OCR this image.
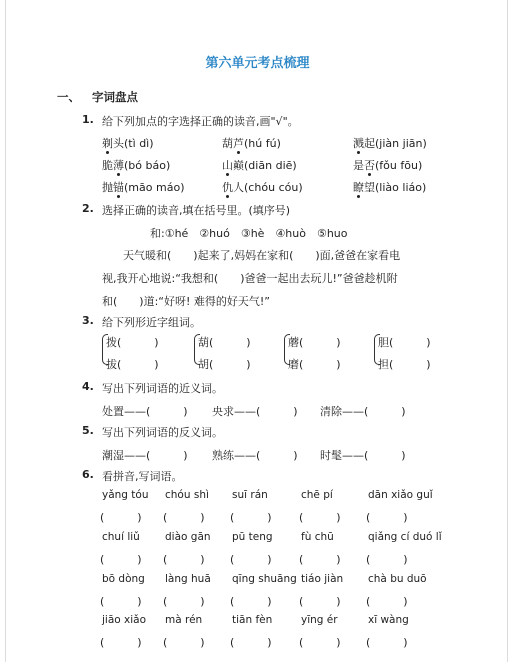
第六单元考点梳理
一、 字词盘点
1. 给下列加点的字选择正确的读音,画"√"。
剃头(tì dì)	葫芦(hú fú)	溅起(jiàn jiān)
脆薄(bó báo)	山巅(diān diē)	是否(fǒu fōu)
抛锚(māo máo)	仇人(chóu cóu)	瞭望(liào liáo)
2. 选择正确的读音,填在括号里。(填序号)
和:①hé　②huó　③hè　④huò　⑤huo
天气暖和(　　)起来了,妈妈在家和(　　)面,爸爸在家看电
视,我开心地说:“我想和(　　)爸爸一起出去玩儿!”爸爸趁机附
和(　　)道:“好呀! 难得的好天气!”
3. 给下列形近字组词。
拨(　　　)
拔(　　　)
葫(　　　)
胡(　　　)
蘑(　　　)
磨(　　　)
胆(　　　)
担(　　　)
4. 写出下列词语的近义词。
处置——(　　　) 央求——(　　　) 清除——(　　　)
5. 写出下列词语的反义词。
潮湿——(　　　) 熟练——(　　　) 时髦——(　　　)
6. 看拼音,写词语。
yǎng tóu
(　　　)
chóu shì
(　　　)
suī rán
(　　　)
chē pí
(　　　)
dān xiǎo guǐ
(　　　)
chuí liǔ
(　　　)
diào gān
(　　　)
pū teng
(　　　)
fù chū
(　　　)
qiǎng cí duó lǐ
(　　　)
bō dòng
(　　　)
làng huā
(　　　)
qīng shuāng
(　　　)
tiáo jiàn
(　　　)
chà bu duō
(　　　)
jiāo xiǎo
(　　　)
mà rén
(　　　)
tiān fèn
(　　　)
yīng ér
(　　　)
xī wàng
(　　　)
